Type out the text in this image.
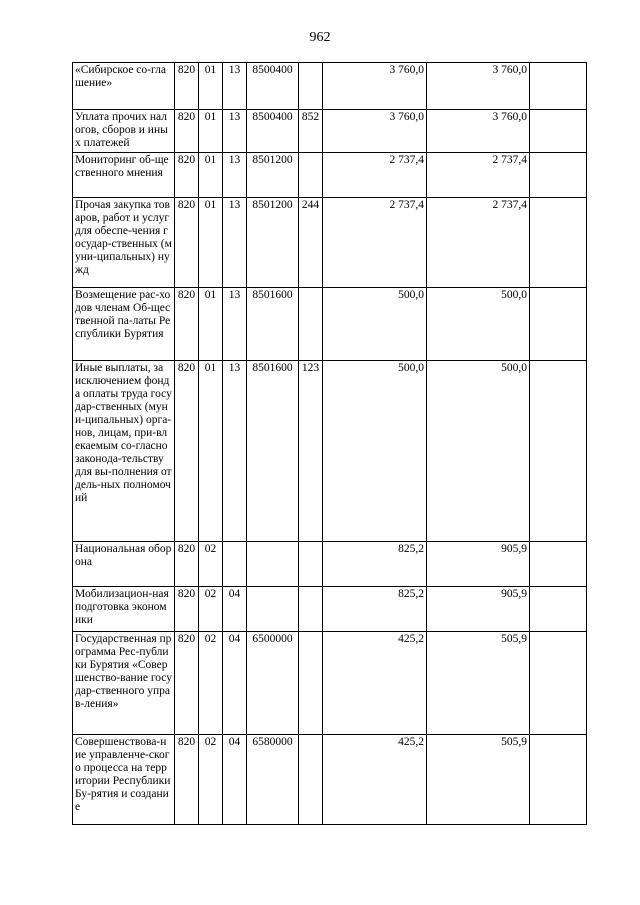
962
«Сибирское со-глашение»	820	01	13	8500400		3 760,0	3 760,0	
Уплата прочих налогов, сборов и иных платежей	820	01	13	8500400	852	3 760,0	3 760,0	
Мониторинг об-щественного мнения	820	01	13	8501200		2 737,4	2 737,4	
Прочая закупка товаров, работ и услуг для обеспе-чения государ-ственных (муни-ципальных) нужд	820	01	13	8501200	244	2 737,4	2 737,4	
Возмещение рас-ходов членам Об-щественной па-латы Республики Бурятия	820	01	13	8501600		500,0	500,0	
Иные выплаты, за исключением фонда оплаты труда государ-ственных (муни-ципальных) орга-нов, лицам, при-влекаемым со-гласно законода-тельству для вы-полнения отдель-ных полномочий	820	01	13	8501600	123	500,0	500,0	
Национальная оборона	820	02				825,2	905,9	
Мобилизацион-ная подготовка экономики	820	02	04			825,2	905,9	
Государственная программа Рес-публики Бурятия «Совершенство-вание государ-ственного управ-ления»	820	02	04	6500000		425,2	505,9	
Совершенствова-ние управленче-ского процесса на территории Республики Бу-рятия и создание	820	02	04	6580000		425,2	505,9	
